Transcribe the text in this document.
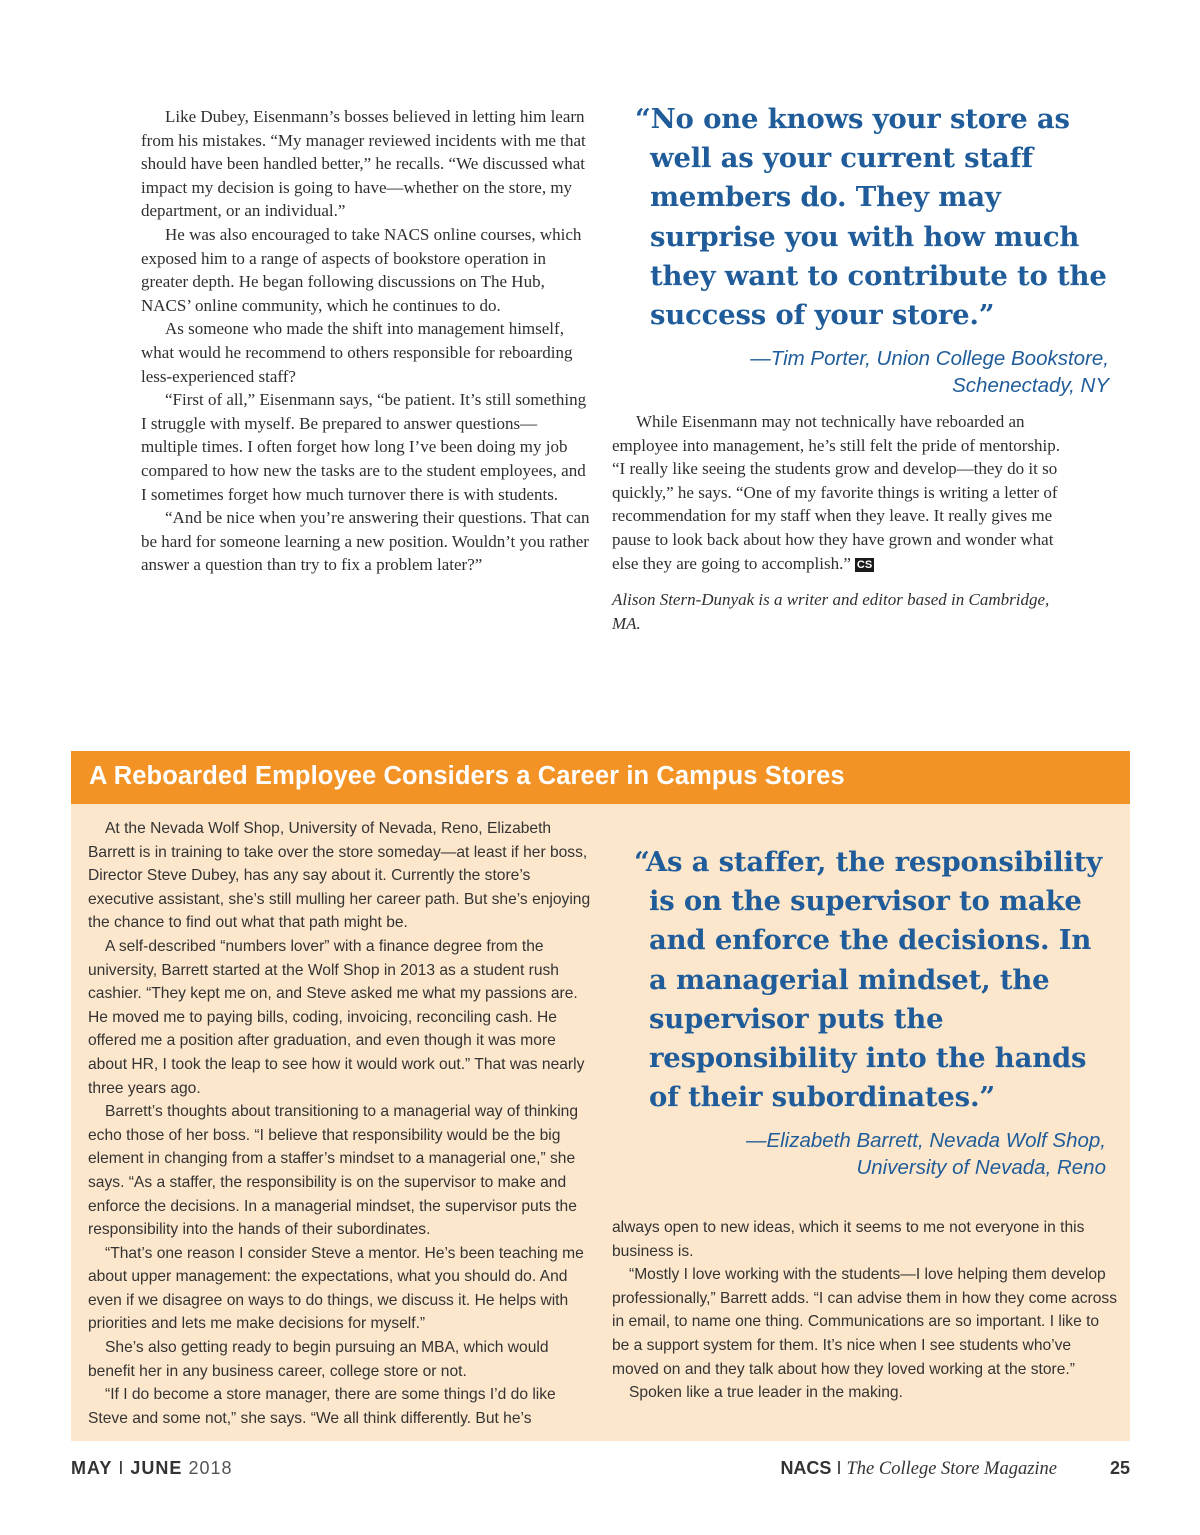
Like Dubey, Eisenmann’s bosses believed in letting him learn from his mistakes. “My manager reviewed incidents with me that should have been handled better,” he recalls. “We discussed what impact my decision is going to have—whether on the store, my department, or an individual.”

He was also encouraged to take NACS online courses, which exposed him to a range of aspects of bookstore operation in greater depth. He began following discussions on The Hub, NACS’ online community, which he continues to do.

As someone who made the shift into management himself, what would he recommend to others responsible for reboarding less-experienced staff?

“First of all,” Eisenmann says, “be patient. It’s still something I struggle with myself. Be prepared to answer questions—multiple times. I often forget how long I’ve been doing my job compared to how new the tasks are to the student employees, and I sometimes forget how much turnover there is with students.

“And be nice when you’re answering their questions. That can be hard for someone learning a new position. Wouldn’t you rather answer a question than try to fix a problem later?”

“No one knows your store as well as your current staff members do. They may surprise you with how much they want to contribute to the success of your store.”

—Tim Porter, Union College Bookstore,
Schenectady, NY

While Eisenmann may not technically have reboarded an employee into management, he’s still felt the pride of mentorship. “I really like seeing the students grow and develop—they do it so quickly,” he says. “One of my favorite things is writing a letter of recommendation for my staff when they leave. It really gives me pause to look back about how they have grown and wonder what else they are going to accomplish.” CS

Alison Stern-Dunyak is a writer and editor based in Cambridge, MA.

A Reboarded Employee Considers a Career in Campus Stores

At the Nevada Wolf Shop, University of Nevada, Reno, Elizabeth Barrett is in training to take over the store someday—at least if her boss, Director Steve Dubey, has any say about it. Currently the store’s executive assistant, she’s still mulling her career path. But she’s enjoying the chance to find out what that path might be.

A self-described “numbers lover” with a finance degree from the university, Barrett started at the Wolf Shop in 2013 as a student rush cashier. “They kept me on, and Steve asked me what my passions are. He moved me to paying bills, coding, invoicing, reconciling cash. He offered me a position after graduation, and even though it was more about HR, I took the leap to see how it would work out.” That was nearly three years ago.

Barrett’s thoughts about transitioning to a managerial way of thinking echo those of her boss. “I believe that responsibility would be the big element in changing from a staffer’s mindset to a managerial one,” she says. “As a staffer, the responsibility is on the supervisor to make and enforce the decisions. In a managerial mindset, the supervisor puts the responsibility into the hands of their subordinates.

“That’s one reason I consider Steve a mentor. He’s been teaching me about upper management: the expectations, what you should do. And even if we disagree on ways to do things, we discuss it. He helps with priorities and lets me make decisions for myself.”

She’s also getting ready to begin pursuing an MBA, which would benefit her in any business career, college store or not.

“If I do become a store manager, there are some things I’d do like Steve and some not,” she says. “We all think differently. But he’s

“As a staffer, the responsibility is on the supervisor to make and enforce the decisions. In a managerial mindset, the supervisor puts the responsibility into the hands of their subordinates.”

—Elizabeth Barrett, Nevada Wolf Shop,
University of Nevada, Reno

always open to new ideas, which it seems to me not everyone in this business is.

“Mostly I love working with the students—I love helping them develop professionally,” Barrett adds. “I can advise them in how they come across in email, to name one thing. Communications are so important. I like to be a support system for them. It’s nice when I see students who’ve moved on and they talk about how they loved working at the store.”

Spoken like a true leader in the making.

MAY I JUNE 2018	NACS I The College Store Magazine	25
